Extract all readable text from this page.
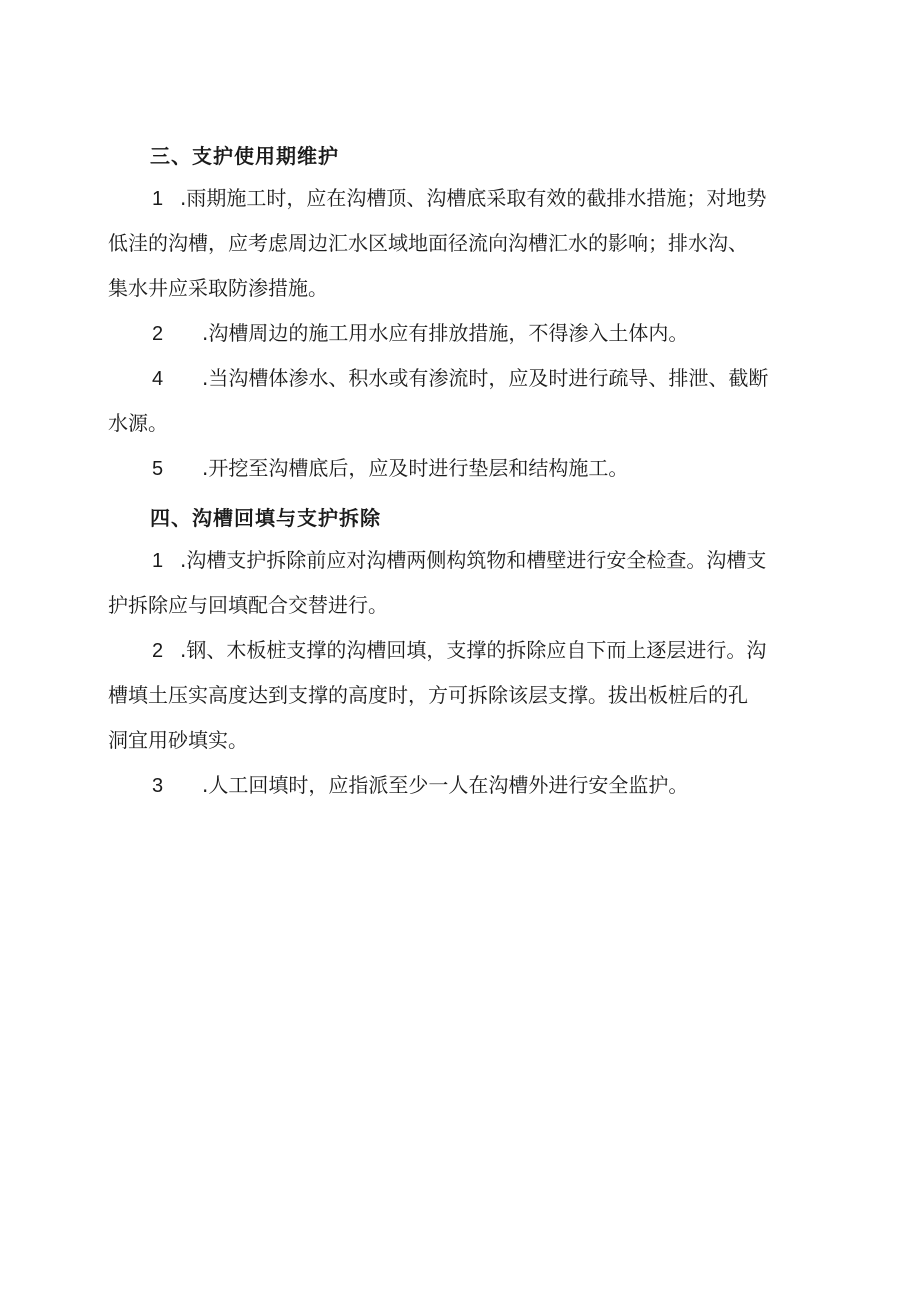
三、支护使用期维护
1 .雨期施工时，应在沟槽顶、沟槽底采取有效的截排水措施；对地势
低洼的沟槽，应考虑周边汇水区域地面径流向沟槽汇水的影响；排水沟、
集水井应采取防渗措施。
2 .沟槽周边的施工用水应有排放措施，不得渗入土体内。
4 .当沟槽体渗水、积水或有渗流时，应及时进行疏导、排泄、截断
水源。
5 .开挖至沟槽底后，应及时进行垫层和结构施工。
四、沟槽回填与支护拆除
1 .沟槽支护拆除前应对沟槽两侧构筑物和槽壁进行安全检查。沟槽支
护拆除应与回填配合交替进行。
2 .钢、木板桩支撑的沟槽回填，支撑的拆除应自下而上逐层进行。沟
槽填土压实高度达到支撑的高度时，方可拆除该层支撑。拔出板桩后的孔
洞宜用砂填实。
3 .人工回填时，应指派至少一人在沟槽外进行安全监护。
